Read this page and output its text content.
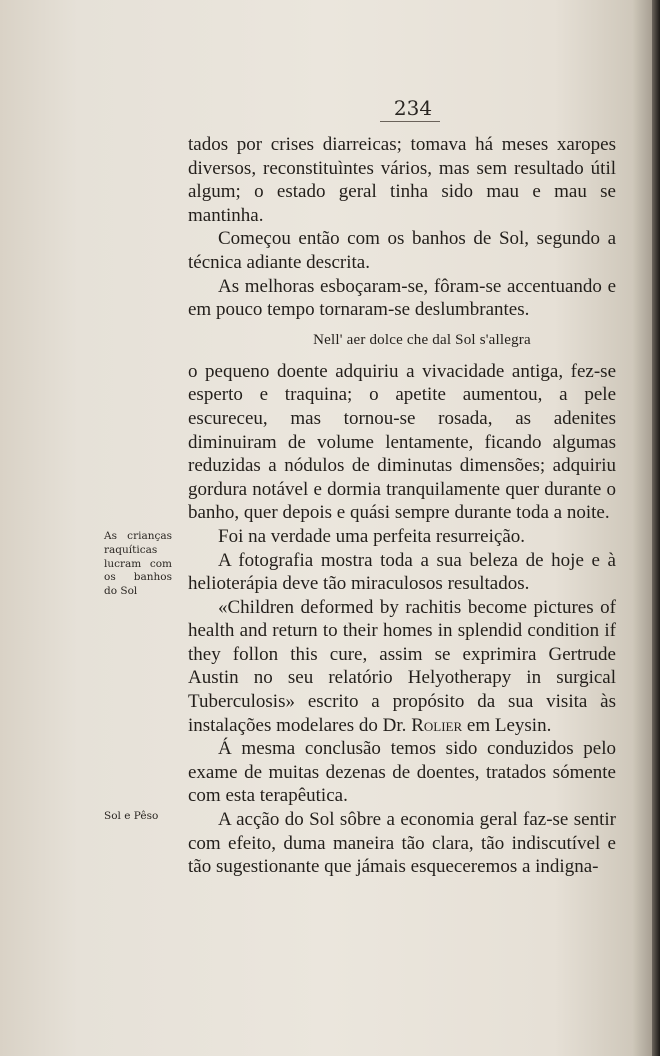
234

tados por crises diarreicas; tomava há meses xaropes diversos, reconstituìntes vários, mas sem resultado útil algum; o estado geral tinha sido mau e mau se mantinha.

Começou então com os banhos de Sol, segundo a técnica adiante descrita.

As melhoras esboçaram-se, fôram-se accentuando e em pouco tempo tornaram-se deslumbrantes.

Nell' aer dolce che dal Sol s'allegra

o pequeno doente adquiriu a vivacidade antiga, fez-se esperto e traquina; o apetite aumentou, a pele escureceu, mas tornou-se rosada, as adenites diminuiram de volume lentamente, ficando algumas reduzidas a nódulos de diminutas dimensões; adquiriu gordura notável e dormia tranquilamente quer durante o banho, quer depois e quási sempre durante toda a noite.

Foi na verdade uma perfeita resurreição.

A fotografia mostra toda a sua beleza de hoje e à helioterápia deve tão miraculosos resultados.

«Children deformed by rachitis become pictures of health and return to their homes in splendid condition if they follon this cure, assim se exprimira Gertrude Austin no seu relatório Helyotherapy in surgical Tuberculosis» escrito a propósito da sua visita às instalações modelares do Dr. Rolier em Leysin.

Á mesma conclusão temos sido conduzidos pelo exame de muitas dezenas de doentes, tratados sómente com esta terapêutica.

A acção do Sol sôbre a economia geral faz-se sentir com efeito, duma maneira tão clara, tão indiscutível e tão sugestionante que jámais esqueceremos a indigna-

As crianças raquíticas lucram com os banhos do Sol
Sol e Pêso
